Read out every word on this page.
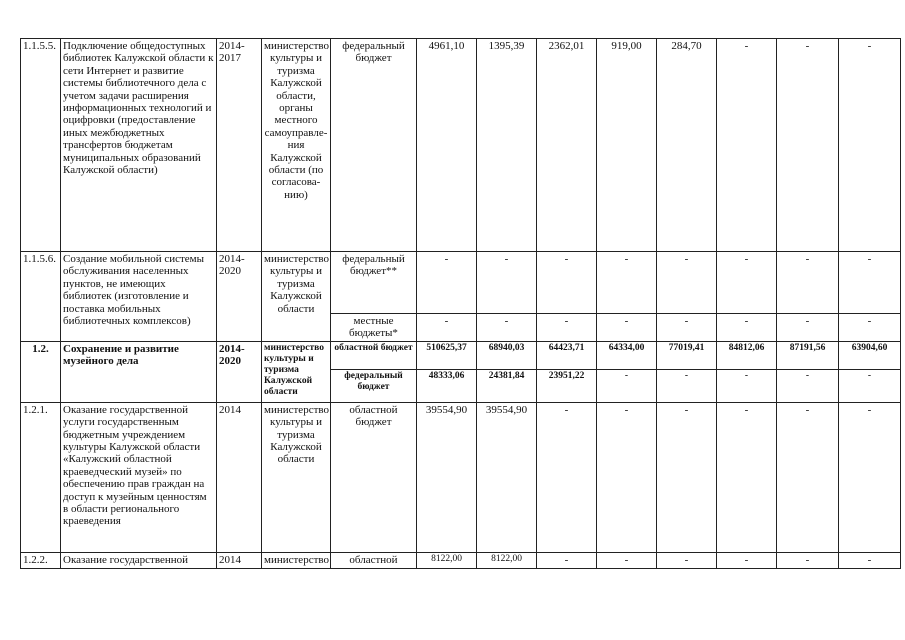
1.1.5.5.	Подключение общедоступных библиотек Калужской области к сети Интернет и развитие системы библиотечного дела с учетом задачи расширения информационных технологий и оцифровки (предоставление иных межбюджетных трансфертов бюджетам муниципальных образований Калужской области)	2014-2017	министерство культуры и туризма Калужской области, органы местного самоуправле-ния Калужской области (по согласова-нию)	федеральный бюджет	4961,10	1395,39	2362,01	919,00	284,70	-	-	-
1.1.5.6.	Создание мобильной системы обслуживания населенных пунктов, не имеющих библиотек (изготовление и поставка мобильных библиотечных комплексов)	2014-2020	министерство культуры и туризма Калужской области	федеральный бюджет**	-	-	-	-	-	-	-	-
				местные бюджеты*	-	-	-	-	-	-	-	-
1.2.	Сохранение и развитие музейного дела	2014-2020	министерство культуры и туризма Калужской области	областной бюджет	510625,37	68940,03	64423,71	64334,00	77019,41	84812,06	87191,56	63904,60
				федеральный бюджет	48333,06	24381,84	23951,22	-	-	-	-	-
1.2.1.	Оказание государственной услуги государственным бюджетным учреждением культуры Калужской области «Калужский областной краеведческий музей» по обеспечению прав граждан на доступ к музейным ценностям в области регионального краеведения	2014	министерство культуры и туризма Калужской области	областной бюджет	39554,90	39554,90	-	-	-	-	-	-
1.2.2.	Оказание государственной	2014	министерство	областной	8122,00	8122,00	-	-	-	-	-	-
